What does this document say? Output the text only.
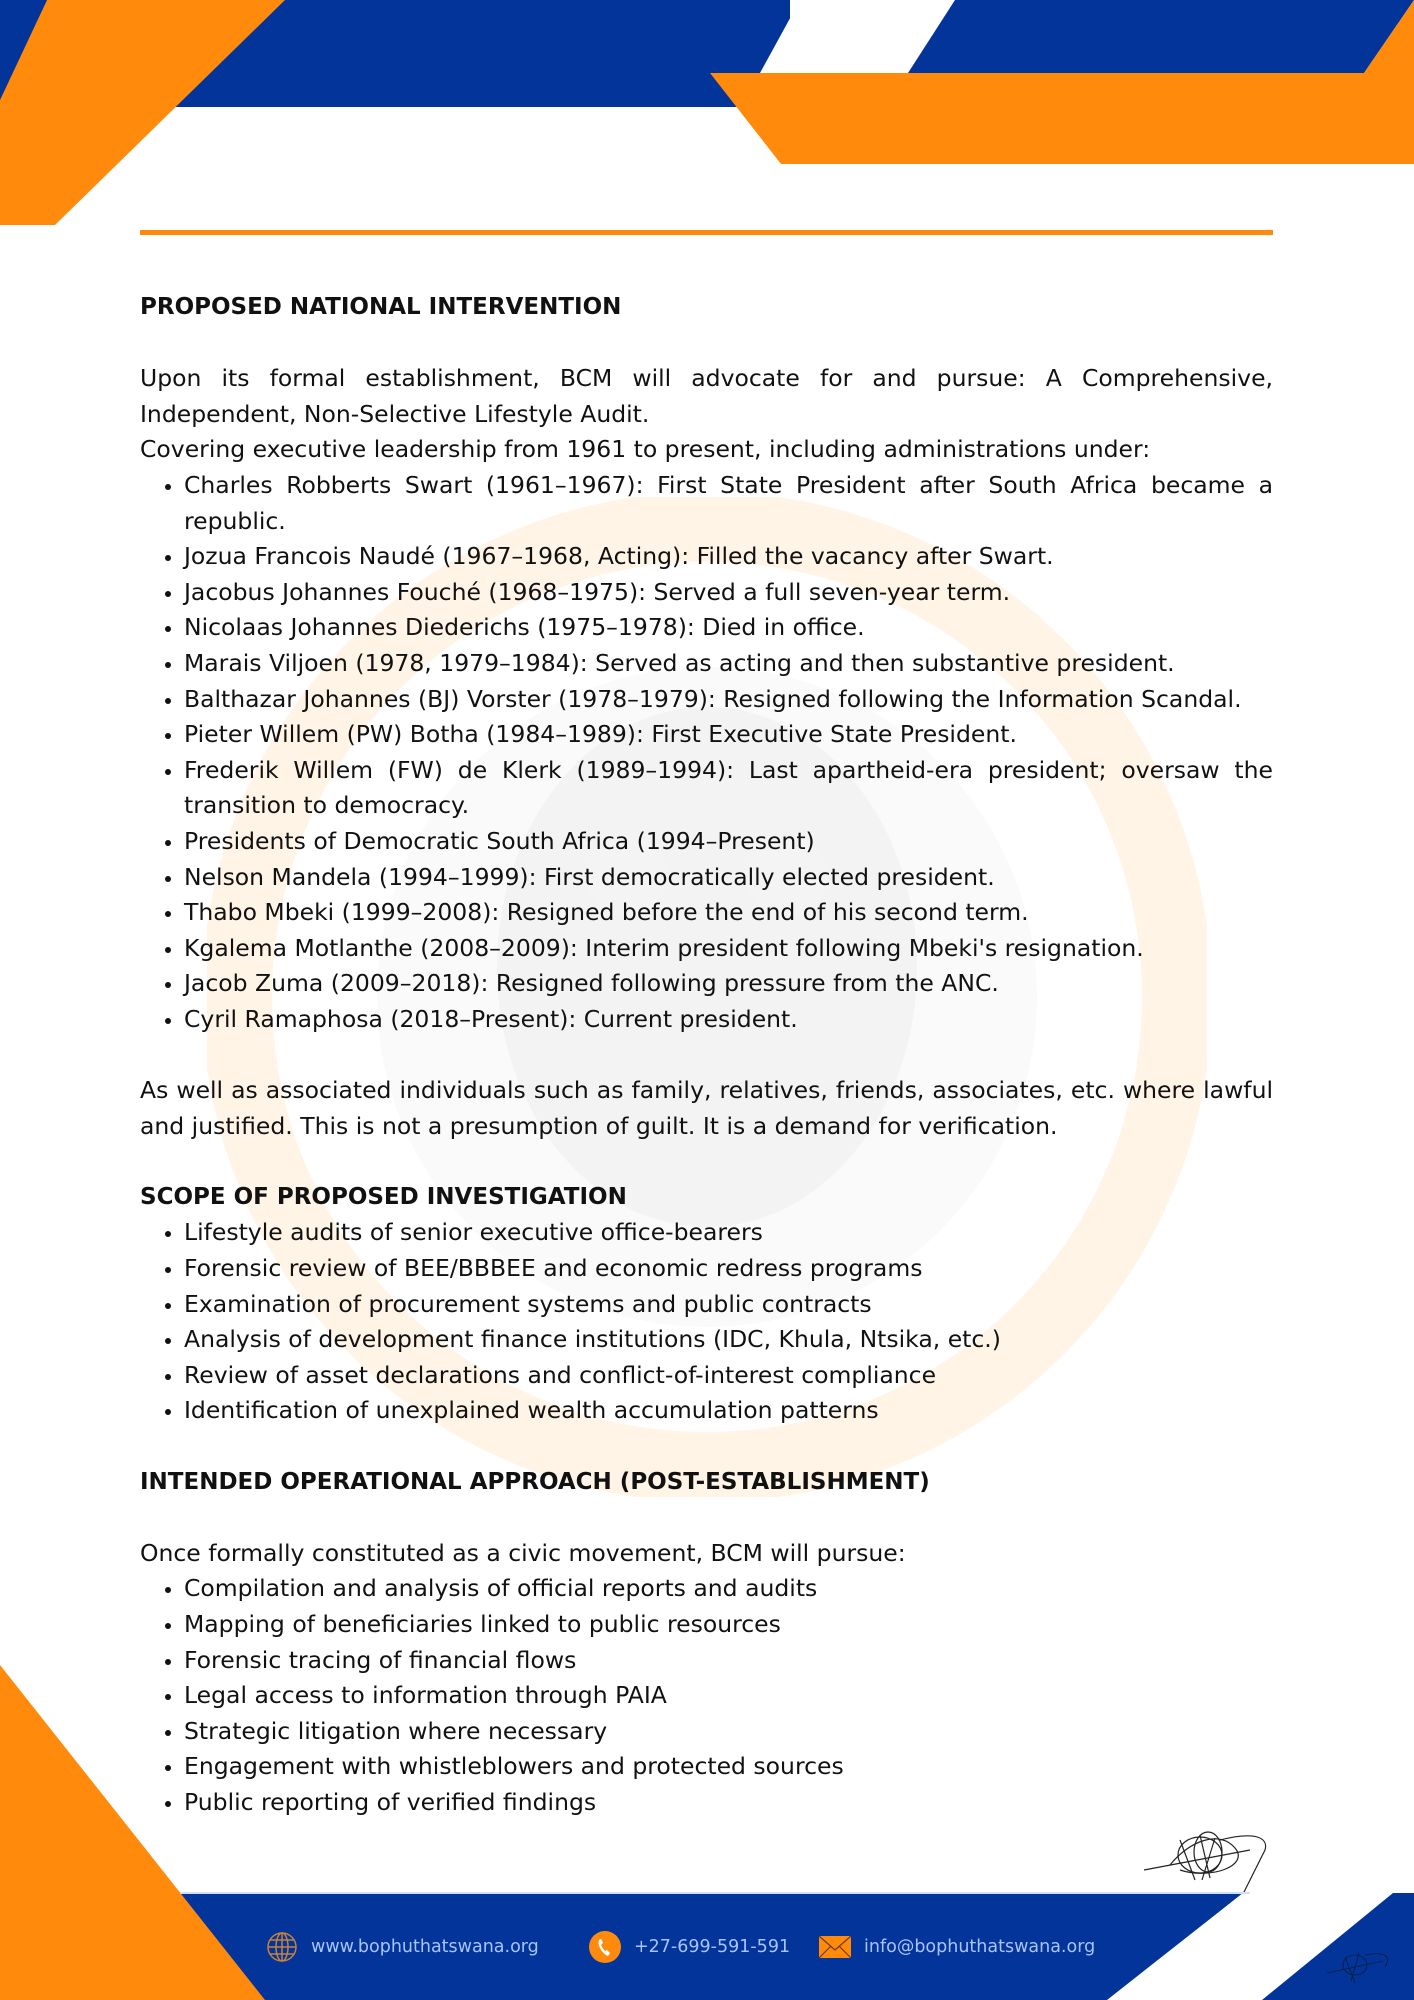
PROPOSED NATIONAL INTERVENTION

Upon its formal establishment, BCM will advocate for and pursue: A Comprehensive, Independent, Non-Selective Lifestyle Audit.

Covering executive leadership from 1961 to present, including administrations under:

• Charles Robberts Swart (1961–1967): First State President after South Africa became a republic.
• Jozua Francois Naudé (1967–1968, Acting): Filled the vacancy after Swart.
• Jacobus Johannes Fouché (1968–1975): Served a full seven-year term.
• Nicolaas Johannes Diederichs (1975–1978): Died in office.
• Marais Viljoen (1978, 1979–1984): Served as acting and then substantive president.
• Balthazar Johannes (BJ) Vorster (1978–1979): Resigned following the Information Scandal.
• Pieter Willem (PW) Botha (1984–1989): First Executive State President.
• Frederik Willem (FW) de Klerk (1989–1994): Last apartheid-era president; oversaw the transition to democracy.
• Presidents of Democratic South Africa (1994–Present)
• Nelson Mandela (1994–1999): First democratically elected president.
• Thabo Mbeki (1999–2008): Resigned before the end of his second term.
• Kgalema Motlanthe (2008–2009): Interim president following Mbeki's resignation.
• Jacob Zuma (2009–2018): Resigned following pressure from the ANC.
• Cyril Ramaphosa (2018–Present): Current president.

As well as associated individuals such as family, relatives, friends, associates, etc. where lawful and justified. This is not a presumption of guilt. It is a demand for verification.

SCOPE OF PROPOSED INVESTIGATION
• Lifestyle audits of senior executive office-bearers
• Forensic review of BEE/BBBEE and economic redress programs
• Examination of procurement systems and public contracts
• Analysis of development finance institutions (IDC, Khula, Ntsika, etc.)
• Review of asset declarations and conflict-of-interest compliance
• Identification of unexplained wealth accumulation patterns
INTENDED OPERATIONAL APPROACH (POST-ESTABLISHMENT)

Once formally constituted as a civic movement, BCM will pursue:

• Compilation and analysis of official reports and audits
• Mapping of beneficiaries linked to public resources
• Forensic tracing of financial flows
• Legal access to information through PAIA
• Strategic litigation where necessary
• Engagement with whistleblowers and protected sources
• Public reporting of verified findings
www.bophuthatswana.org	+27-699-591-591	info@bophuthatswana.org
